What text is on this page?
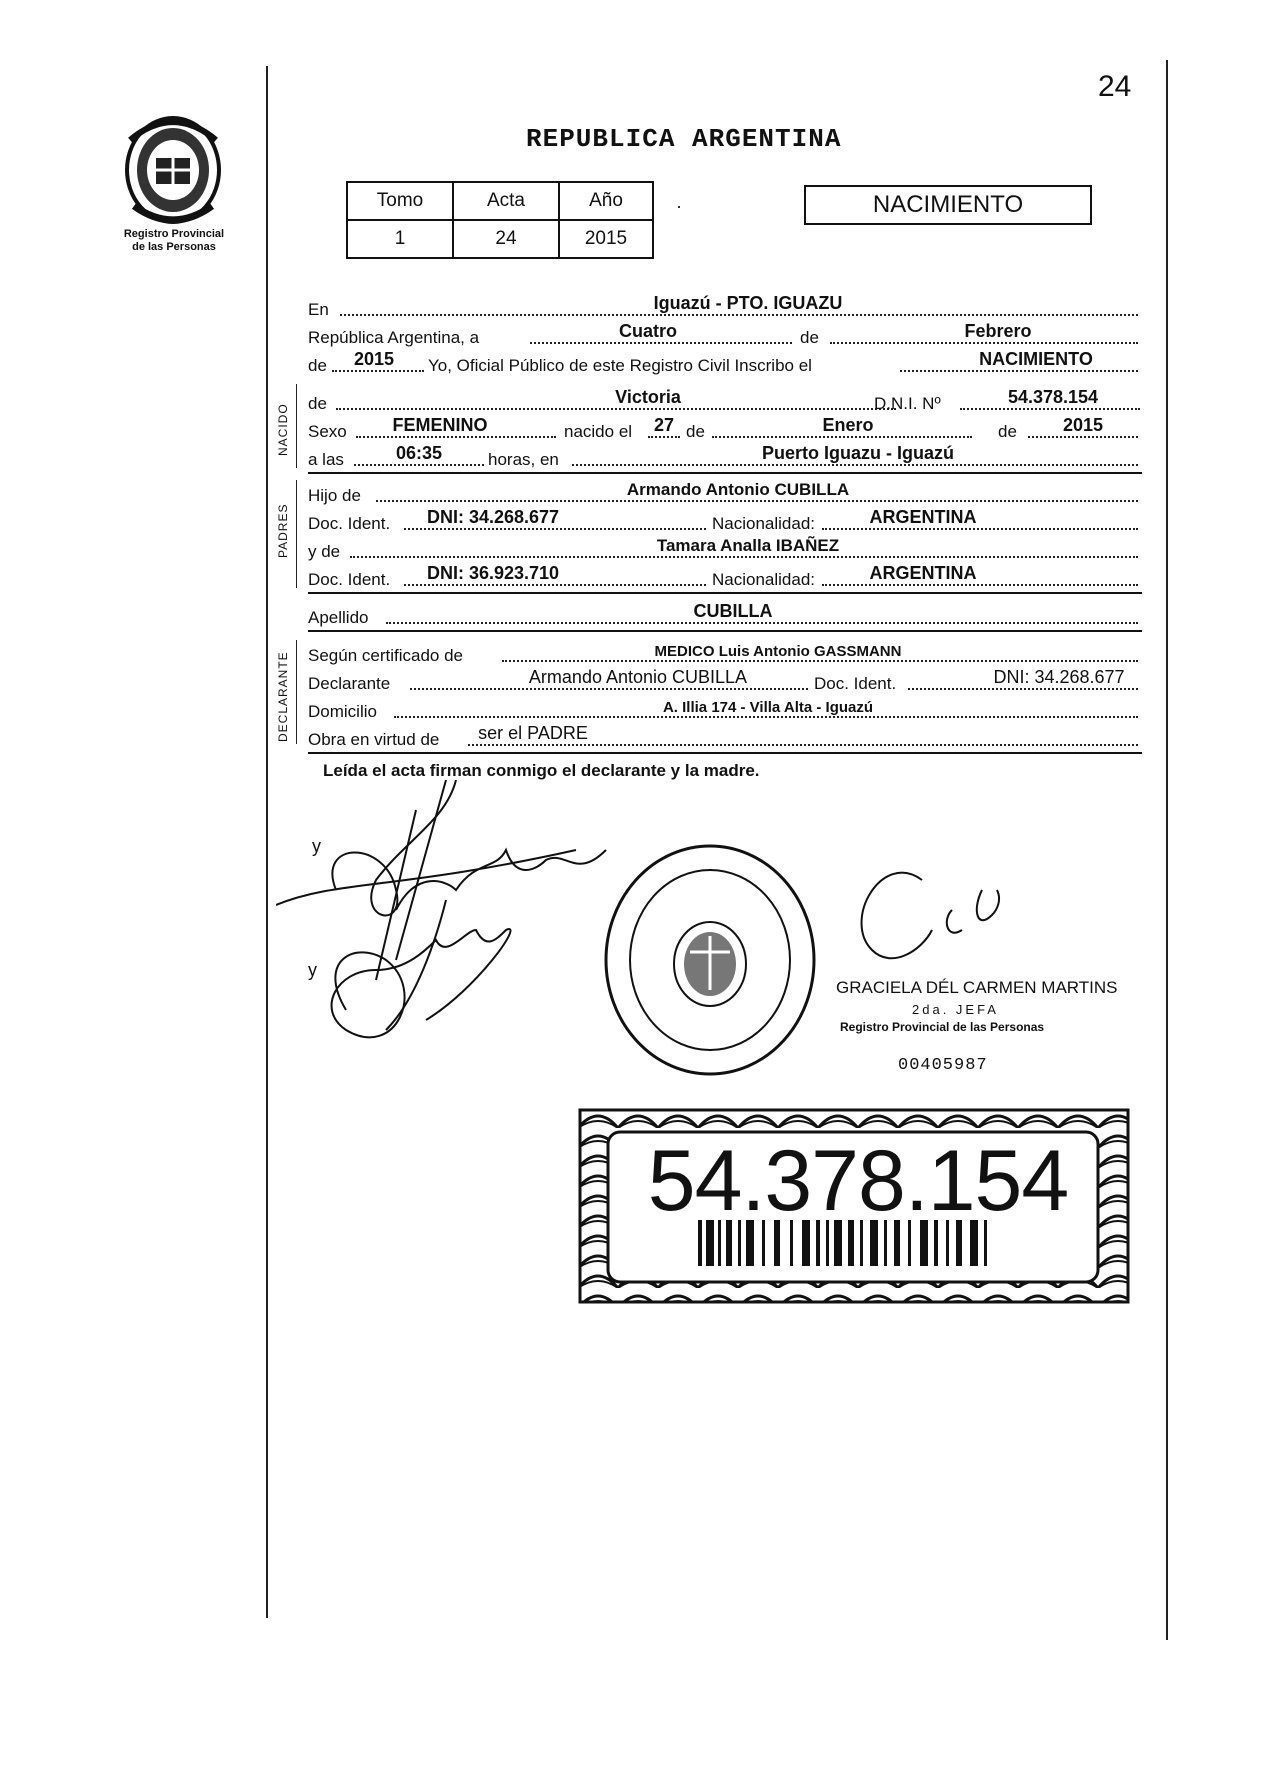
24
Registro Provincial
de las Personas
REPUBLICA ARGENTINA
Tomo	Acta	Año
1	24	2015
·	NACIMIENTO
En	Iguazú - PTO. IGUAZU
República Argentina, a	Cuatro	de	Febrero
de	2015	Yo, Oficial Público de este Registro Civil Inscribo el	NACIMIENTO
NACIDO de	Victoria	D.N.I. Nº	54.378.154
Sexo	FEMENINO	nacido el	27 de	Enero	de	2015
a las	06:35	horas, en	Puerto Iguazu - Iguazú
PADRES
Hijo de	Armando Antonio CUBILLA
Doc. Ident.	DNI: 34.268.677	Nacionalidad:	ARGENTINA
y de	Tamara Analla IBAÑEZ
Doc. Ident.	DNI: 36.923.710	Nacionalidad:	ARGENTINA
Apellido	CUBILLA
DECLARANTE Según certificado de	MEDICO Luis Antonio GASSMANN
Declarante	Armando Antonio CUBILLA	Doc. Ident.	DNI: 34.268.677
Domicilio	A. Illia 174 - Villa Alta - Iguazú
Obra en virtud de	ser el PADRE
Leída el acta firman conmigo el declarante y la madre.
y
y
GRACIELA DÉL CARMEN MARTINS
2da. JEFA
Registro Provincial de las Personas
00405987
54.378.154
